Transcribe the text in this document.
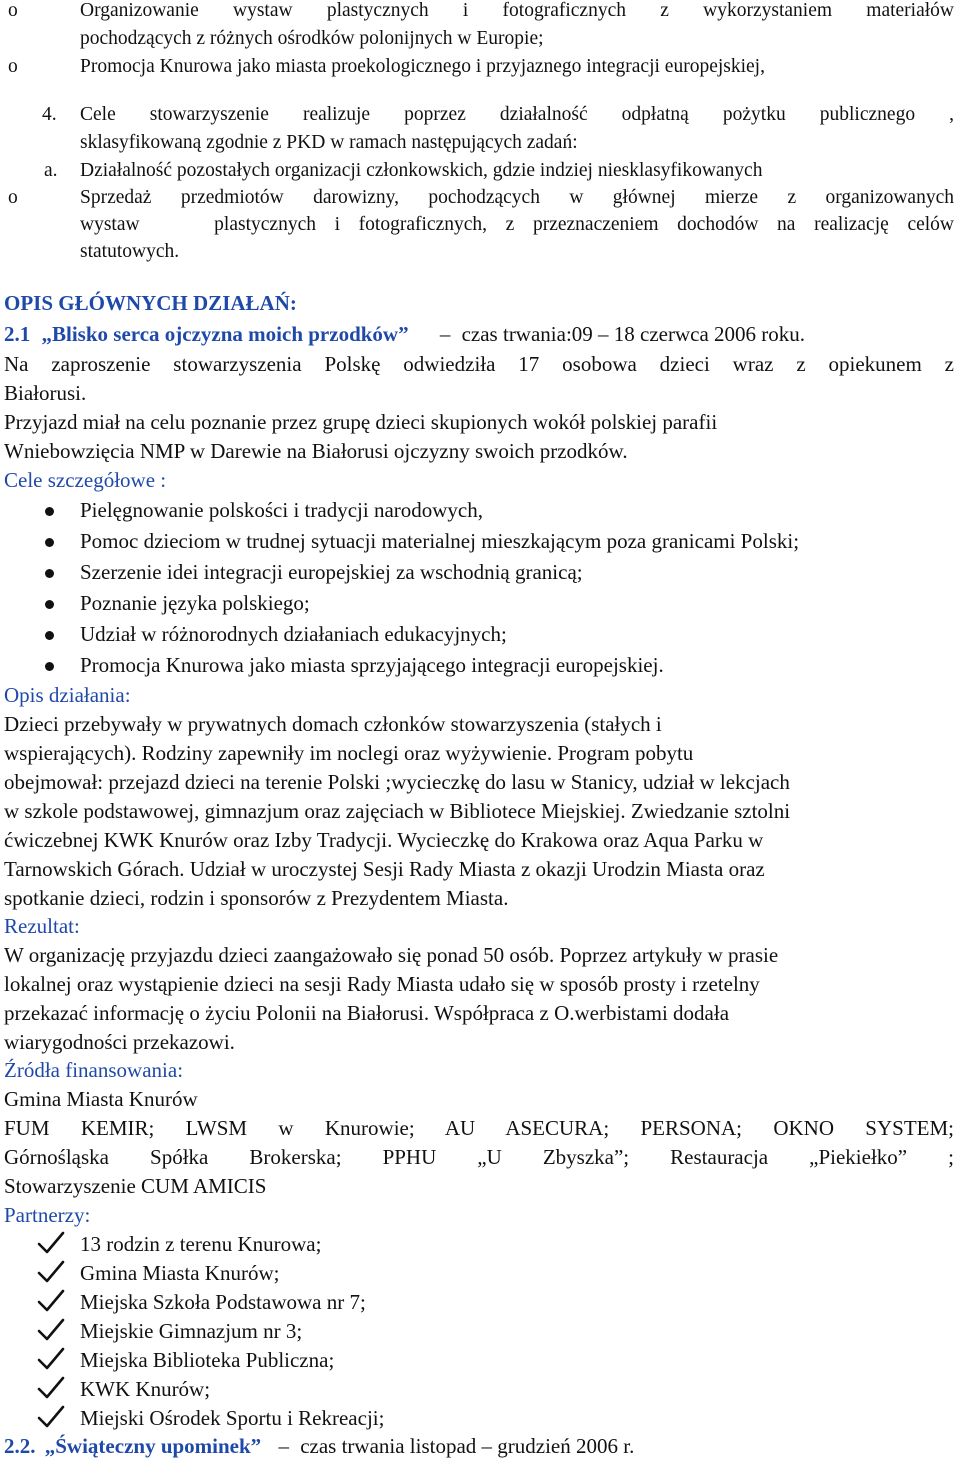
o	Organizowanie wystaw plastycznych i fotograficznych z wykorzystaniem materiałów
pochodzących z różnych ośrodków polonijnych w Europie;
o	Promocja Knurowa jako miasta proekologicznego i przyjaznego integracji europejskiej,
4. Cele stowarzyszenie realizuje poprzez działalność odpłatną pożytku publicznego ,
sklasyfikowaną zgodnie z PKD w ramach następujących zadań:
a. Działalność pozostałych organizacji członkowskich, gdzie indziej niesklasyfikowanych
o	Sprzedaż przedmiotów darowizny, pochodzących w głównej mierze z organizowanych
wystaw    plastycznych i fotograficznych, z przeznaczeniem dochodów na realizację celów
statutowych.
OPIS GŁÓWNYCH DZIAŁAŃ:
2.1 „Blisko serca ojczyzna moich przodków” – czas trwania:09 – 18 czerwca 2006 roku.
Na zaproszenie stowarzyszenia Polskę odwiedziła 17 osobowa dzieci wraz z opiekunem z
Białorusi.
Przyjazd miał na celu poznanie przez grupę dzieci skupionych wokół polskiej parafii
Wniebowzięcia NMP w Darewie na Białorusi ojczyzny swoich przodków.
Cele szczegółowe :
Pielęgnowanie polskości i tradycji narodowych,
Pomoc dzieciom w trudnej sytuacji materialnej mieszkającym poza granicami Polski;
Szerzenie idei integracji europejskiej za wschodnią granicą;
Poznanie języka polskiego;
Udział w różnorodnych działaniach edukacyjnych;
Promocja Knurowa jako miasta sprzyjającego integracji europejskiej.
Opis działania:
Dzieci przebywały w prywatnych domach członków stowarzyszenia (stałych i
wspierających). Rodziny zapewniły im noclegi oraz wyżywienie. Program pobytu
obejmował: przejazd dzieci na terenie Polski ;wycieczkę do lasu w Stanicy, udział w lekcjach
w szkole podstawowej, gimnazjum oraz zajęciach w Bibliotece Miejskiej. Zwiedzanie sztolni
ćwiczebnej KWK Knurów oraz Izby Tradycji. Wycieczkę do Krakowa oraz Aqua Parku w
Tarnowskich Górach. Udział w uroczystej Sesji Rady Miasta z okazji Urodzin Miasta oraz
spotkanie dzieci, rodzin i sponsorów z Prezydentem Miasta.
Rezultat:
W organizację przyjazdu dzieci zaangażowało się ponad 50 osób. Poprzez artykuły w prasie
lokalnej oraz wystąpienie dzieci na sesji Rady Miasta udało się w sposób prosty i rzetelny
przekazać informację o życiu Polonii na Białorusi. Współpraca z O.werbistami dodała
wiarygodności przekazowi.
Źródła finansowania:
Gmina Miasta Knurów
FUM KEMIR; LWSM w Knurowie; AU ASECURA; PERSONA; OKNO SYSTEM;
Górnośląska Spółka Brokerska; PPHU „U Zbyszka”; Restauracja „Piekiełko” ;
Stowarzyszenie CUM AMICIS
Partnerzy:
13 rodzin z terenu Knurowa;
Gmina Miasta Knurów;
Miejska Szkoła Podstawowa nr 7;
Miejskie Gimnazjum nr 3;
Miejska Biblioteka Publiczna;
KWK Knurów;
Miejski Ośrodek Sportu i Rekreacji;
2.2. „Świąteczny upominek” – czas trwania listopad – grudzień 2006 r.
